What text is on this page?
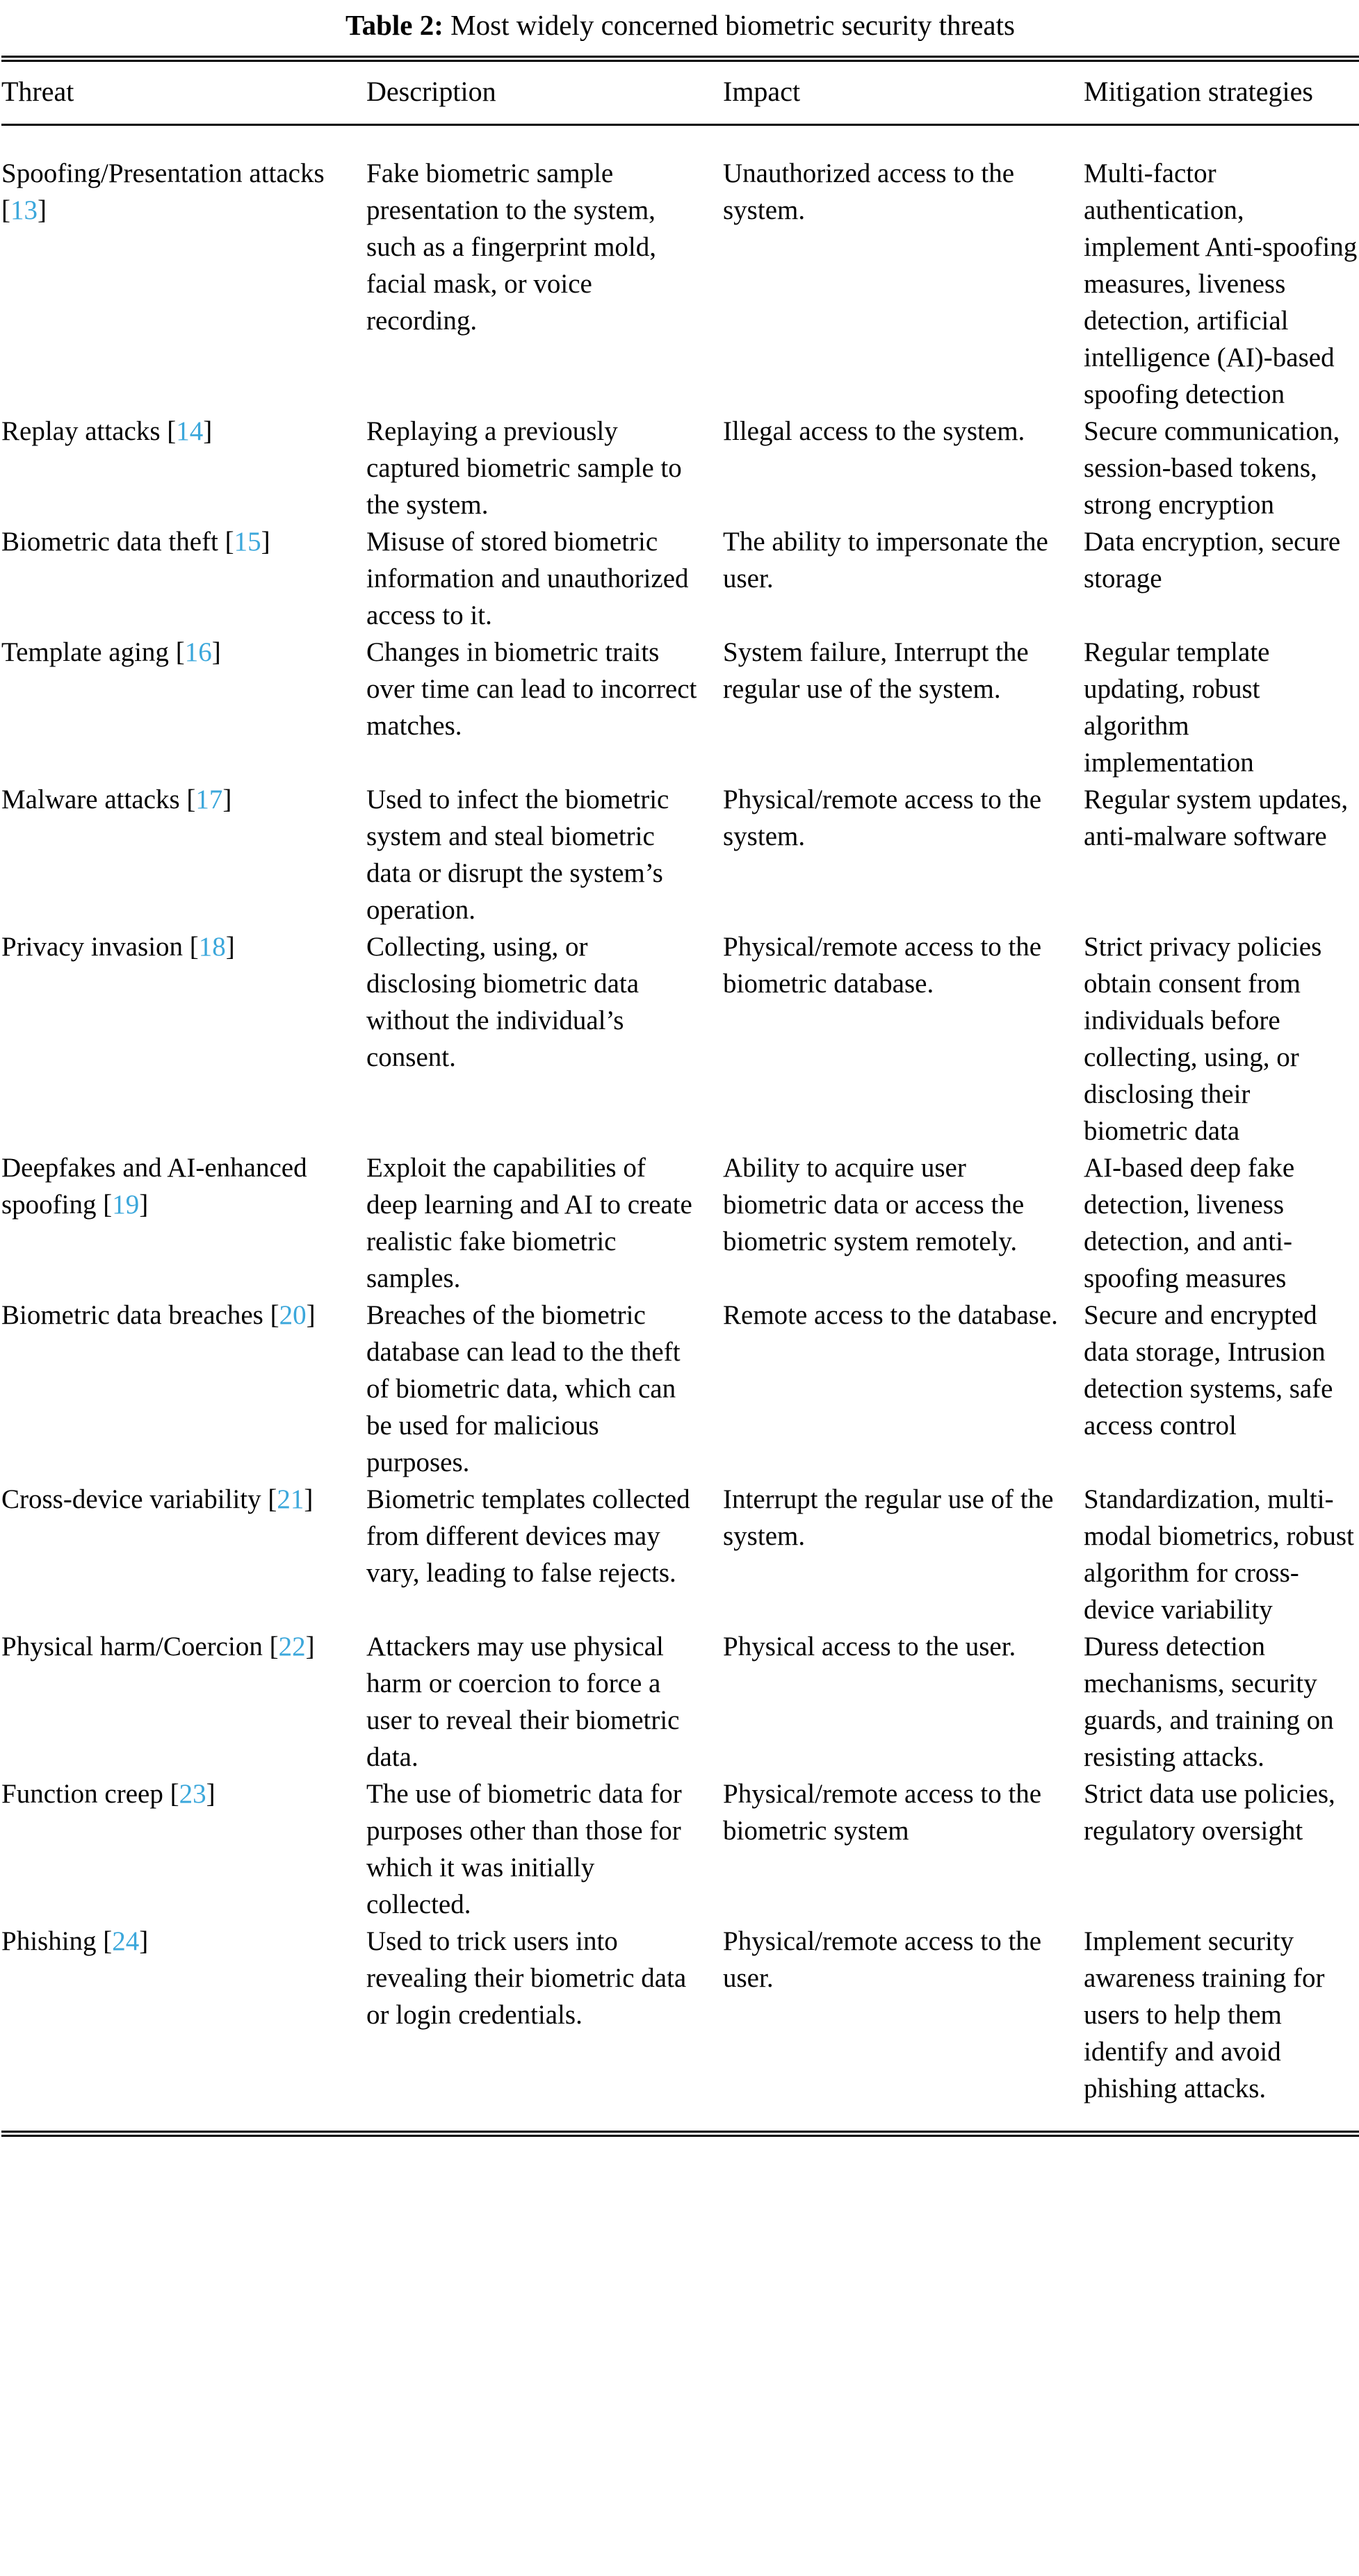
Table 2: Most widely concerned biometric security threats
Threat	Description	Impact	Mitigation strategies
Spoofing/Presentation attacks [13]	Fake biometric sample presentation to the system, such as a fingerprint mold, facial mask, or voice recording.	Unauthorized access to the system.	Multi-factor authentication, implement Anti-spoofing measures, liveness detection, artificial intelligence (AI)-based spoofing detection
Replay attacks [14]	Replaying a previously captured biometric sample to the system.	Illegal access to the system.	Secure communication, session-based tokens, strong encryption
Biometric data theft [15]	Misuse of stored biometric information and unauthorized access to it.	The ability to impersonate the user.	Data encryption, secure storage
Template aging [16]	Changes in biometric traits over time can lead to incorrect matches.	System failure, Interrupt the regular use of the system.	Regular template updating, robust algorithm implementation
Malware attacks [17]	Used to infect the biometric system and steal biometric data or disrupt the system’s operation.	Physical/remote access to the system.	Regular system updates, anti-malware software
Privacy invasion [18]	Collecting, using, or disclosing biometric data without the individual’s consent.	Physical/remote access to the biometric database.	Strict privacy policies obtain consent from individuals before collecting, using, or disclosing their biometric data
Deepfakes and AI-enhanced spoofing [19]	Exploit the capabilities of deep learning and AI to create realistic fake biometric samples.	Ability to acquire user biometric data or access the biometric system remotely.	AI-based deep fake detection, liveness detection, and anti-spoofing measures
Biometric data breaches [20]	Breaches of the biometric database can lead to the theft of biometric data, which can be used for malicious purposes.	Remote access to the database.	Secure and encrypted data storage, Intrusion detection systems, safe access control
Cross-device variability [21]	Biometric templates collected from different devices may vary, leading to false rejects.	Interrupt the regular use of the system.	Standardization, multi-modal biometrics, robust algorithm for cross-device variability
Physical harm/Coercion [22]	Attackers may use physical harm or coercion to force a user to reveal their biometric data.	Physical access to the user.	Duress detection mechanisms, security guards, and training on resisting attacks.
Function creep [23]	The use of biometric data for purposes other than those for which it was initially collected.	Physical/remote access to the biometric system	Strict data use policies, regulatory oversight
Phishing [24]	Used to trick users into revealing their biometric data or login credentials.	Physical/remote access to the user.	Implement security awareness training for users to help them identify and avoid phishing attacks.
